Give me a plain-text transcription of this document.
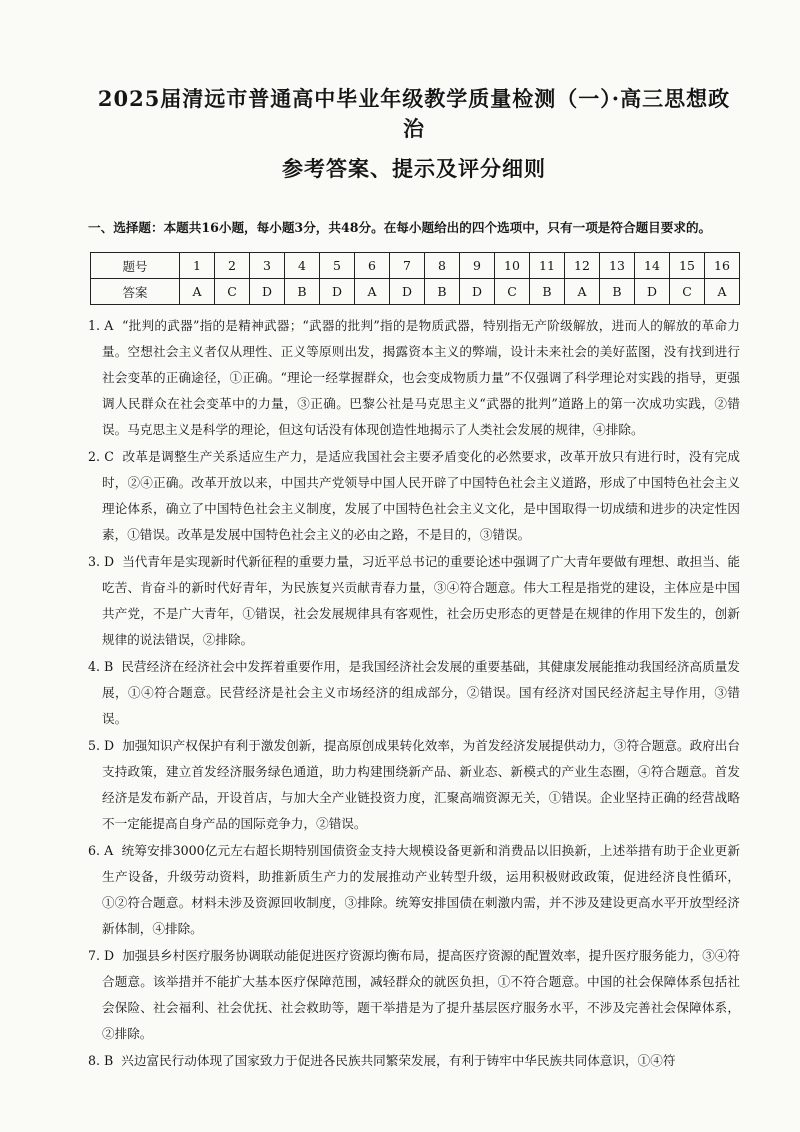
2025届清远市普通高中毕业年级教学质量检测（一）·高三思想政治
参考答案、提示及评分细则
一、选择题：本题共16小题，每小题3分，共48分。在每小题给出的四个选项中，只有一项是符合题目要求的。
题号	1	2	3	4	5	6	7	8	9	10	11	12	13	14	15	16
答案	A	C	D	B	D	A	D	B	D	C	B	A	B	D	C	A

1. A “批判的武器”指的是精神武器；“武器的批判”指的是物质武器，特别指无产阶级解放，进而人的解放的革命力量。空想社会主义者仅从理性、正义等原则出发，揭露资本主义的弊端，设计未来社会的美好蓝图，没有找到进行社会变革的正确途径，①正确。“理论一经掌握群众，也会变成物质力量”不仅强调了科学理论对实践的指导，更强调人民群众在社会变革中的力量，③正确。巴黎公社是马克思主义“武器的批判”道路上的第一次成功实践，②错误。马克思主义是科学的理论，但这句话没有体现创造性地揭示了人类社会发展的规律，④排除。

2. C 改革是调整生产关系适应生产力，是适应我国社会主要矛盾变化的必然要求，改革开放只有进行时，没有完成时，②④正确。改革开放以来，中国共产党领导中国人民开辟了中国特色社会主义道路，形成了中国特色社会主义理论体系，确立了中国特色社会主义制度，发展了中国特色社会主义文化，是中国取得一切成绩和进步的决定性因素，①错误。改革是发展中国特色社会主义的必由之路，不是目的，③错误。

3. D 当代青年是实现新时代新征程的重要力量，习近平总书记的重要论述中强调了广大青年要做有理想、敢担当、能吃苦、肯奋斗的新时代好青年，为民族复兴贡献青春力量，③④符合题意。伟大工程是指党的建设，主体应是中国共产党，不是广大青年，①错误，社会发展规律具有客观性，社会历史形态的更替是在规律的作用下发生的，创新规律的说法错误，②排除。

4. B 民营经济在经济社会中发挥着重要作用，是我国经济社会发展的重要基础，其健康发展能推动我国经济高质量发展，①④符合题意。民营经济是社会主义市场经济的组成部分，②错误。国有经济对国民经济起主导作用，③错误。

5. D 加强知识产权保护有利于激发创新，提高原创成果转化效率，为首发经济发展提供动力，③符合题意。政府出台支持政策，建立首发经济服务绿色通道，助力构建围绕新产品、新业态、新模式的产业生态圈，④符合题意。首发经济是发布新产品，开设首店，与加大全产业链投资力度，汇聚高端资源无关，①错误。企业坚持正确的经营战略不一定能提高自身产品的国际竞争力，②错误。

6. A 统筹安排3000亿元左右超长期特别国债资金支持大规模设备更新和消费品以旧换新，上述举措有助于企业更新生产设备，升级劳动资料，助推新质生产力的发展推动产业转型升级，运用积极财政政策，促进经济良性循环，①②符合题意。材料未涉及资源回收制度，③排除。统筹安排国债在刺激内需，并不涉及建设更高水平开放型经济新体制，④排除。

7. D 加强县乡村医疗服务协调联动能促进医疗资源均衡布局，提高医疗资源的配置效率，提升医疗服务能力，③④符合题意。该举措并不能扩大基本医疗保障范围，减轻群众的就医负担，①不符合题意。中国的社会保障体系包括社会保险、社会福利、社会优抚、社会救助等，题干举措是为了提升基层医疗服务水平，不涉及完善社会保障体系，②排除。

8. B 兴边富民行动体现了国家致力于促进各民族共同繁荣发展，有利于铸牢中华民族共同体意识，①④符
